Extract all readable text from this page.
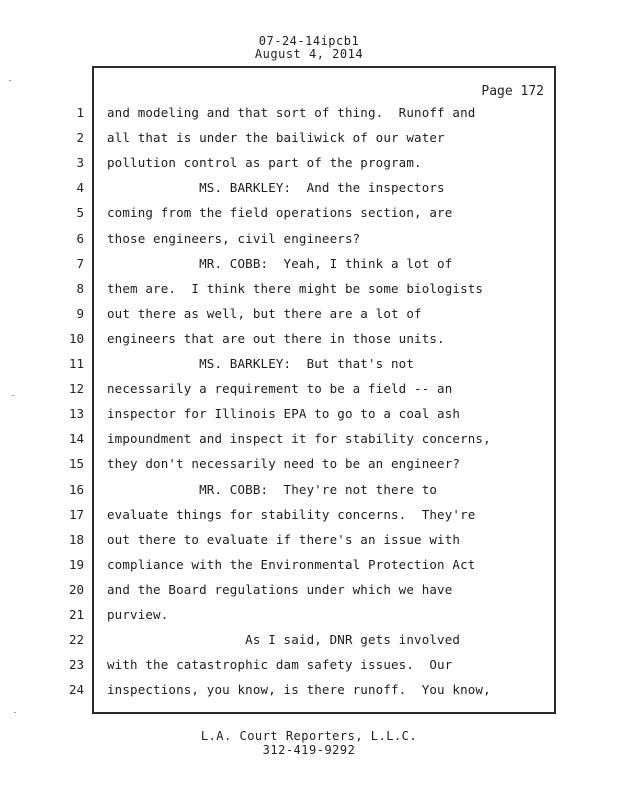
07-24-14ipcb1
August 4, 2014
Page 172
1 and modeling and that sort of thing.  Runoff and
2 all that is under the bailiwick of our water
3 pollution control as part of the program.
4 MS. BARKLEY:  And the inspectors
5 coming from the field operations section, are
6 those engineers, civil engineers?
7 MR. COBB:  Yeah, I think a lot of
8 them are.  I think there might be some biologists
9 out there as well, but there are a lot of
10 engineers that are out there in those units.
11 MS. BARKLEY:  But that's not
12 necessarily a requirement to be a field -- an
13 inspector for Illinois EPA to go to a coal ash
14 impoundment and inspect it for stability concerns,
15 they don't necessarily need to be an engineer?
16 MR. COBB:  They're not there to
17 evaluate things for stability concerns.  They're
18 out there to evaluate if there's an issue with
19 compliance with the Environmental Protection Act
20 and the Board regulations under which we have
21 purview.
22 As I said, DNR gets involved
23 with the catastrophic dam safety issues.  Our
24 inspections, you know, is there runoff.  You know,
L.A. Court Reporters, L.L.C.
312-419-9292
